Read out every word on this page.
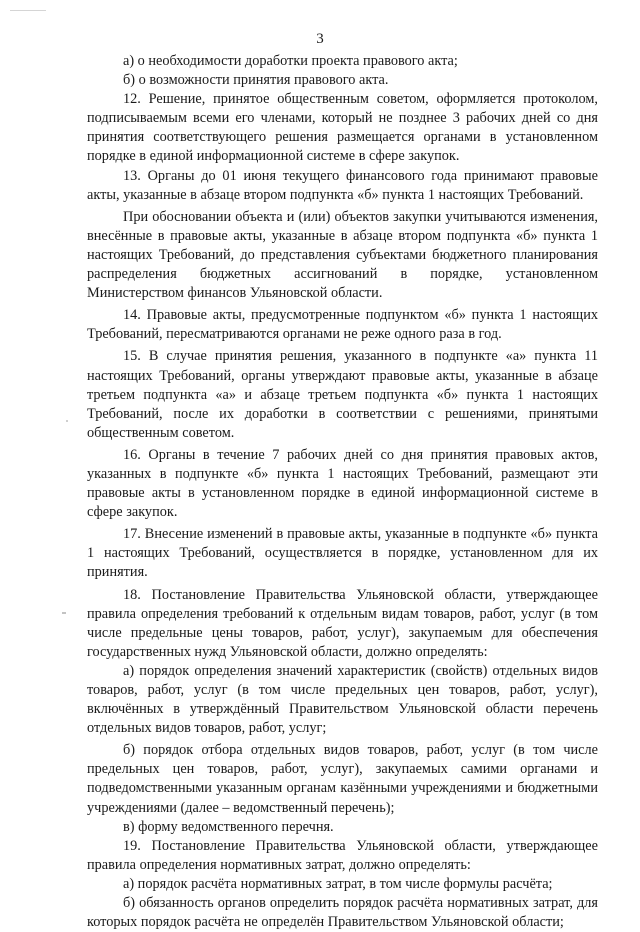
3

а) о необходимости доработки проекта правового акта;

б) о возможности принятия правового акта.

12. Решение, принятое общественным советом, оформляется протоколом, подписываемым всеми его членами, который не позднее 3 рабочих дней со дня принятия соответствующего решения размещается органами в установленном порядке в единой информационной системе в сфере закупок.

13. Органы до 01 июня текущего финансового года принимают правовые акты, указанные в абзаце втором подпункта «б» пункта 1 настоящих Требований.

При обосновании объекта и (или) объектов закупки учитываются изменения, внесённые в правовые акты, указанные в абзаце втором подпункта «б» пункта 1 настоящих Требований, до представления субъектами бюджетного планирования распределения бюджетных ассигнований в порядке, установленном Министерством финансов Ульяновской области.

14. Правовые акты, предусмотренные подпунктом «б» пункта 1 настоящих Требований, пересматриваются органами не реже одного раза в год.

15. В случае принятия решения, указанного в подпункте «а» пункта 11 настоящих Требований, органы утверждают правовые акты, указанные в абзаце третьем подпункта «а» и абзаце третьем подпункта «б» пункта 1 настоящих Требований, после их доработки в соответствии с решениями, принятыми общественным советом.

16. Органы в течение 7 рабочих дней со дня принятия правовых актов, указанных в подпункте «б» пункта 1 настоящих Требований, размещают эти правовые акты в установленном порядке в единой информационной системе в сфере закупок.

17. Внесение изменений в правовые акты, указанные в подпункте «б» пункта 1 настоящих Требований, осуществляется в порядке, установленном для их принятия.

18. Постановление Правительства Ульяновской области, утверждающее правила определения требований к отдельным видам товаров, работ, услуг (в том числе предельные цены товаров, работ, услуг), закупаемым для обеспечения государственных нужд Ульяновской области, должно определять:

а) порядок определения значений характеристик (свойств) отдельных видов товаров, работ, услуг (в том числе предельных цен товаров, работ, услуг), включённых в утверждённый Правительством Ульяновской области перечень отдельных видов товаров, работ, услуг;

б) порядок отбора отдельных видов товаров, работ, услуг (в том числе предельных цен товаров, работ, услуг), закупаемых самими органами и подведомственными указанным органам казёнными учреждениями и бюджетными учреждениями (далее – ведомственный перечень);

в) форму ведомственного перечня.

19. Постановление Правительства Ульяновской области, утверждающее правила определения нормативных затрат, должно определять:

а) порядок расчёта нормативных затрат, в том числе формулы расчёта;

б) обязанность органов определить порядок расчёта нормативных затрат, для которых порядок расчёта не определён Правительством Ульяновской области;
